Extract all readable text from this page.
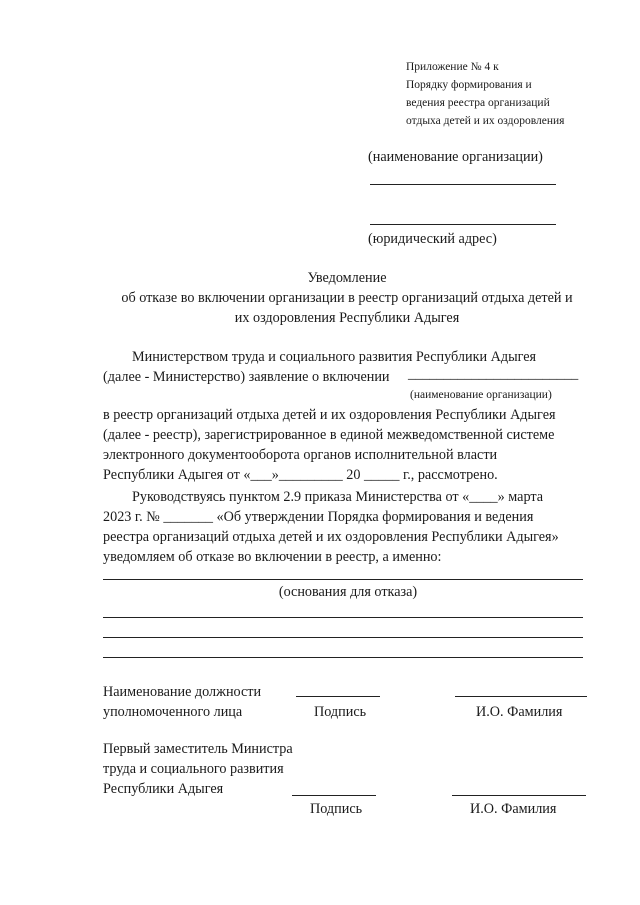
Приложение № 4 к
Порядку формирования и
ведения реестра организаций
отдыха детей и их оздоровления
(наименование организации)
(юридический адрес)
Уведомление
об отказе во включении организации в реестр организаций отдыха детей и
их оздоровления Республики Адыгея
Министерством труда и социального развития Республики Адыгея
(далее - Министерство) заявление о включении ________________________
(наименование организации)
в реестр организаций отдыха детей и их оздоровления Республики Адыгея
(далее - реестр), зарегистрированное в единой межведомственной системе
электронного документооборота органов исполнительной власти
Республики Адыгея от «___»_________ 20 _____ г., рассмотрено.
Руководствуясь пунктом 2.9 приказа Министерства от «____» марта
2023 г. № _______ «Об утверждении Порядка формирования и ведения
реестра организаций отдыха детей и их оздоровления Республики Адыгея»
уведомляем об отказе во включении в реестр, а именно:
(основания для отказа)
Наименование должности
уполномоченного лица	Подпись	И.О. Фамилия
Первый заместитель Министра
труда и социального развития
Республики Адыгея
Подпись	И.О. Фамилия
